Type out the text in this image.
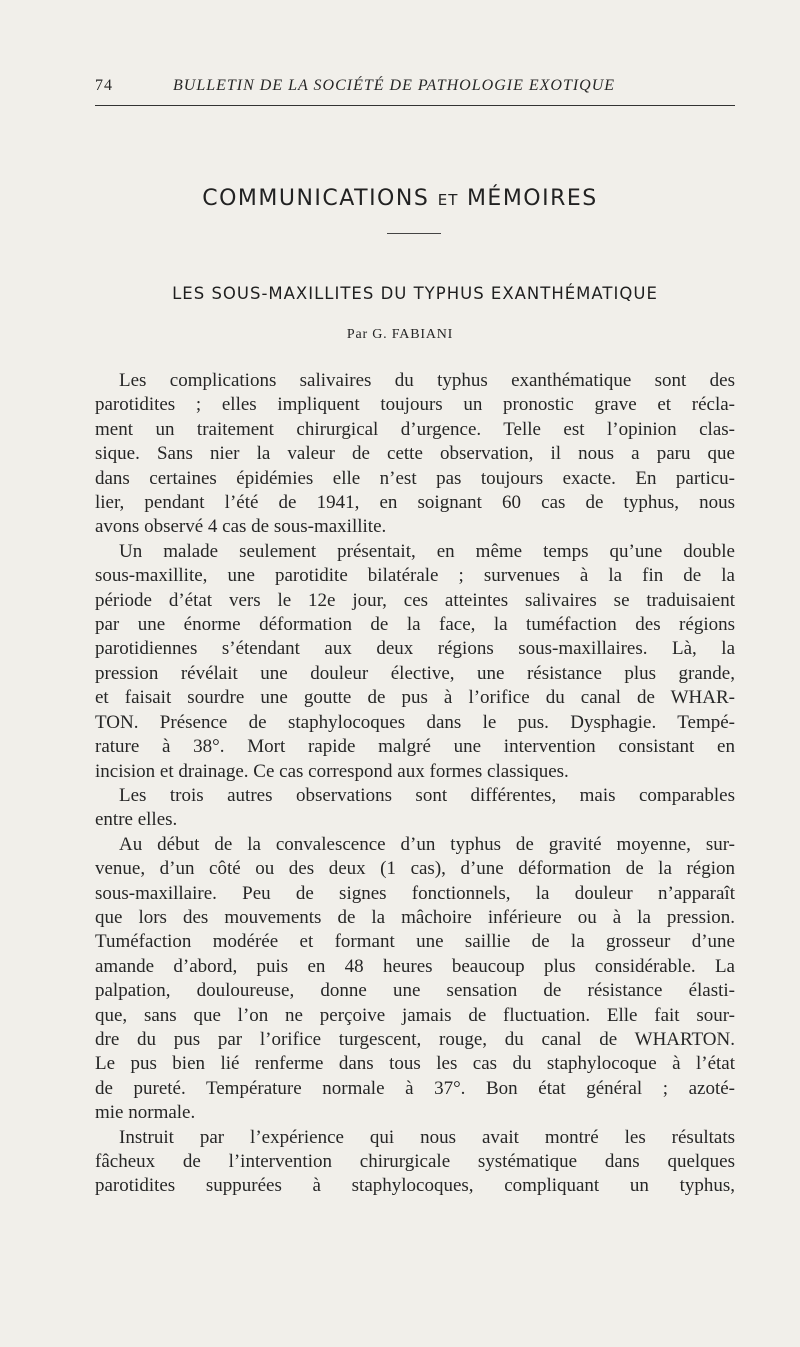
74	BULLETIN DE LA SOCIÉTÉ DE PATHOLOGIE EXOTIQUE
COMMUNICATIONS ET MÉMOIRES
LES SOUS-MAXILLITES DU TYPHUS EXANTHÉMATIQUE
Par G. FABIANI
Les complications salivaires du typhus exanthématique sont des
parotidites ; elles impliquent toujours un pronostic grave et récla-
ment un traitement chirurgical d’urgence. Telle est l’opinion clas-
sique. Sans nier la valeur de cette observation, il nous a paru que
dans certaines épidémies elle n’est pas toujours exacte. En particu-
lier, pendant l’été de 1941, en soignant 60 cas de typhus, nous
avons observé 4 cas de sous-maxillite.
Un malade seulement présentait, en même temps qu’une double
sous-maxillite, une parotidite bilatérale ; survenues à la fin de la
période d’état vers le 12e jour, ces atteintes salivaires se traduisaient
par une énorme déformation de la face, la tuméfaction des régions
parotidiennes s’étendant aux deux régions sous-maxillaires. Là, la
pression révélait une douleur élective, une résistance plus grande,
et faisait sourdre une goutte de pus à l’orifice du canal de WHAR-
TON. Présence de staphylocoques dans le pus. Dysphagie. Tempé-
rature à 38°. Mort rapide malgré une intervention consistant en
incision et drainage. Ce cas correspond aux formes classiques.
Les trois autres observations sont différentes, mais comparables
entre elles.
Au début de la convalescence d’un typhus de gravité moyenne, sur-
venue, d’un côté ou des deux (1 cas), d’une déformation de la région
sous-maxillaire. Peu de signes fonctionnels, la douleur n’apparaît
que lors des mouvements de la mâchoire inférieure ou à la pression.
Tuméfaction modérée et formant une saillie de la grosseur d’une
amande d’abord, puis en 48 heures beaucoup plus considérable. La
palpation, douloureuse, donne une sensation de résistance élasti-
que, sans que l’on ne perçoive jamais de fluctuation. Elle fait sour-
dre du pus par l’orifice turgescent, rouge, du canal de WHARTON.
Le pus bien lié renferme dans tous les cas du staphylocoque à l’état
de pureté. Température normale à 37°. Bon état général ; azoté-
mie normale.
Instruit par l’expérience qui nous avait montré les résultats
fâcheux de l’intervention chirurgicale systématique dans quelques
parotidites suppurées à staphylocoques, compliquant un typhus,
